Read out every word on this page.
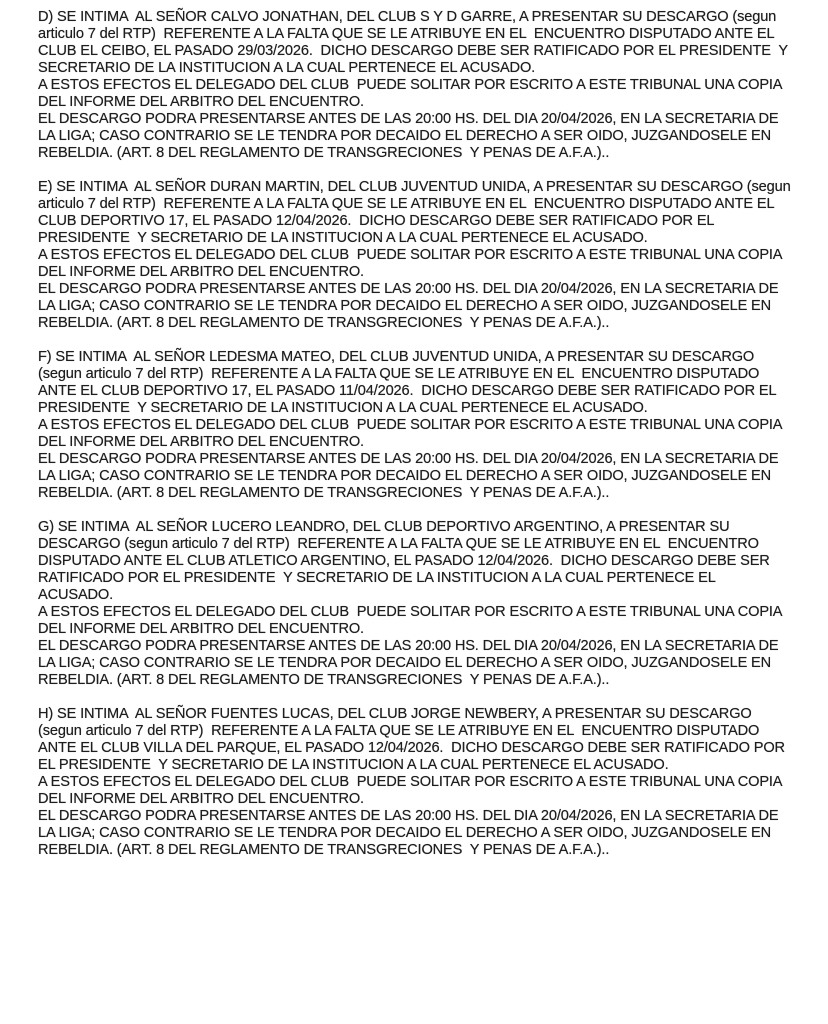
D) SE INTIMA  AL SEÑOR CALVO JONATHAN, DEL CLUB S Y D GARRE, A PRESENTAR SU DESCARGO (segun
articulo 7 del RTP)  REFERENTE A LA FALTA QUE SE LE ATRIBUYE EN EL  ENCUENTRO DISPUTADO ANTE EL
CLUB EL CEIBO, EL PASADO 29/03/2026.  DICHO DESCARGO DEBE SER RATIFICADO POR EL PRESIDENTE  Y
SECRETARIO DE LA INSTITUCION A LA CUAL PERTENECE EL ACUSADO.
A ESTOS EFECTOS EL DELEGADO DEL CLUB  PUEDE SOLITAR POR ESCRITO A ESTE TRIBUNAL UNA COPIA
DEL INFORME DEL ARBITRO DEL ENCUENTRO.
EL DESCARGO PODRA PRESENTARSE ANTES DE LAS 20:00 HS. DEL DIA 20/04/2026, EN LA SECRETARIA DE
LA LIGA; CASO CONTRARIO SE LE TENDRA POR DECAIDO EL DERECHO A SER OIDO, JUZGANDOSELE EN
REBELDIA. (ART. 8 DEL REGLAMENTO DE TRANSGRECIONES  Y PENAS DE A.F.A.)..
E) SE INTIMA  AL SEÑOR DURAN MARTIN, DEL CLUB JUVENTUD UNIDA, A PRESENTAR SU DESCARGO (segun
articulo 7 del RTP)  REFERENTE A LA FALTA QUE SE LE ATRIBUYE EN EL  ENCUENTRO DISPUTADO ANTE EL
CLUB DEPORTIVO 17, EL PASADO 12/04/2026.  DICHO DESCARGO DEBE SER RATIFICADO POR EL
PRESIDENTE  Y SECRETARIO DE LA INSTITUCION A LA CUAL PERTENECE EL ACUSADO.
A ESTOS EFECTOS EL DELEGADO DEL CLUB  PUEDE SOLITAR POR ESCRITO A ESTE TRIBUNAL UNA COPIA
DEL INFORME DEL ARBITRO DEL ENCUENTRO.
EL DESCARGO PODRA PRESENTARSE ANTES DE LAS 20:00 HS. DEL DIA 20/04/2026, EN LA SECRETARIA DE
LA LIGA; CASO CONTRARIO SE LE TENDRA POR DECAIDO EL DERECHO A SER OIDO, JUZGANDOSELE EN
REBELDIA. (ART. 8 DEL REGLAMENTO DE TRANSGRECIONES  Y PENAS DE A.F.A.)..
F) SE INTIMA  AL SEÑOR LEDESMA MATEO, DEL CLUB JUVENTUD UNIDA, A PRESENTAR SU DESCARGO
(segun articulo 7 del RTP)  REFERENTE A LA FALTA QUE SE LE ATRIBUYE EN EL  ENCUENTRO DISPUTADO
ANTE EL CLUB DEPORTIVO 17, EL PASADO 11/04/2026.  DICHO DESCARGO DEBE SER RATIFICADO POR EL
PRESIDENTE  Y SECRETARIO DE LA INSTITUCION A LA CUAL PERTENECE EL ACUSADO.
A ESTOS EFECTOS EL DELEGADO DEL CLUB  PUEDE SOLITAR POR ESCRITO A ESTE TRIBUNAL UNA COPIA
DEL INFORME DEL ARBITRO DEL ENCUENTRO.
EL DESCARGO PODRA PRESENTARSE ANTES DE LAS 20:00 HS. DEL DIA 20/04/2026, EN LA SECRETARIA DE
LA LIGA; CASO CONTRARIO SE LE TENDRA POR DECAIDO EL DERECHO A SER OIDO, JUZGANDOSELE EN
REBELDIA. (ART. 8 DEL REGLAMENTO DE TRANSGRECIONES  Y PENAS DE A.F.A.)..
G) SE INTIMA  AL SEÑOR LUCERO LEANDRO, DEL CLUB DEPORTIVO ARGENTINO, A PRESENTAR SU
DESCARGO (segun articulo 7 del RTP)  REFERENTE A LA FALTA QUE SE LE ATRIBUYE EN EL  ENCUENTRO
DISPUTADO ANTE EL CLUB ATLETICO ARGENTINO, EL PASADO 12/04/2026.  DICHO DESCARGO DEBE SER
RATIFICADO POR EL PRESIDENTE  Y SECRETARIO DE LA INSTITUCION A LA CUAL PERTENECE EL
ACUSADO.
A ESTOS EFECTOS EL DELEGADO DEL CLUB  PUEDE SOLITAR POR ESCRITO A ESTE TRIBUNAL UNA COPIA
DEL INFORME DEL ARBITRO DEL ENCUENTRO.
EL DESCARGO PODRA PRESENTARSE ANTES DE LAS 20:00 HS. DEL DIA 20/04/2026, EN LA SECRETARIA DE
LA LIGA; CASO CONTRARIO SE LE TENDRA POR DECAIDO EL DERECHO A SER OIDO, JUZGANDOSELE EN
REBELDIA. (ART. 8 DEL REGLAMENTO DE TRANSGRECIONES  Y PENAS DE A.F.A.)..
H) SE INTIMA  AL SEÑOR FUENTES LUCAS, DEL CLUB JORGE NEWBERY, A PRESENTAR SU DESCARGO
(segun articulo 7 del RTP)  REFERENTE A LA FALTA QUE SE LE ATRIBUYE EN EL  ENCUENTRO DISPUTADO
ANTE EL CLUB VILLA DEL PARQUE, EL PASADO 12/04/2026.  DICHO DESCARGO DEBE SER RATIFICADO POR
EL PRESIDENTE  Y SECRETARIO DE LA INSTITUCION A LA CUAL PERTENECE EL ACUSADO.
A ESTOS EFECTOS EL DELEGADO DEL CLUB  PUEDE SOLITAR POR ESCRITO A ESTE TRIBUNAL UNA COPIA
DEL INFORME DEL ARBITRO DEL ENCUENTRO.
EL DESCARGO PODRA PRESENTARSE ANTES DE LAS 20:00 HS. DEL DIA 20/04/2026, EN LA SECRETARIA DE
LA LIGA; CASO CONTRARIO SE LE TENDRA POR DECAIDO EL DERECHO A SER OIDO, JUZGANDOSELE EN
REBELDIA. (ART. 8 DEL REGLAMENTO DE TRANSGRECIONES  Y PENAS DE A.F.A.)..
